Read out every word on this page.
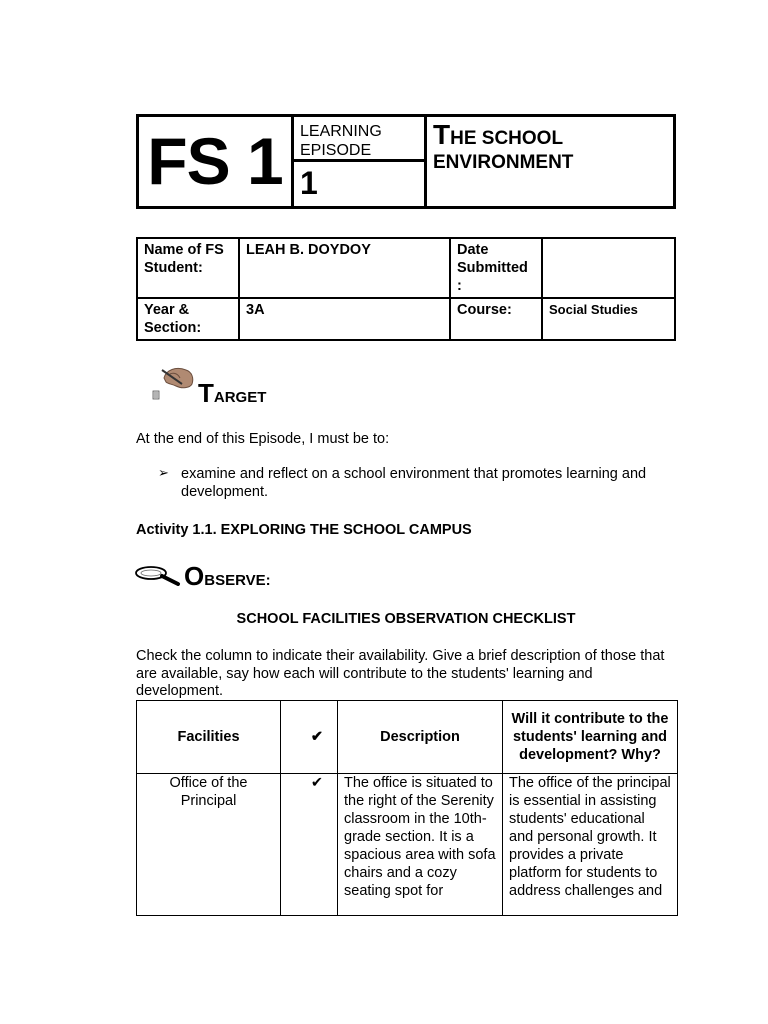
FS 1	LEARNING EPISODE
1
THE SCHOOL
ENVIRONMENT
Name of FS Student:	LEAH B. DOYDOY	Date Submitted :	
Year & Section:	3A	Course:	Social Studies
TARGET
At the end of this Episode, I must be to:
➢ examine and reflect on a school environment that promotes learning and development.
Activity 1.1. EXPLORING THE SCHOOL CAMPUS
OBSERVE:
SCHOOL FACILITIES OBSERVATION CHECKLIST
Check the column to indicate their availability. Give a brief description of those that are available, say how each will contribute to the students' learning and development.
Facilities	✔	Description	Will it contribute to the students' learning and development? Why?

Office of the Principal	✔	The office is situated to the right of the Serenity classroom in the 10th-grade section. It is a spacious area with sofa chairs and a cozy seating spot for	The office of the principal is essential in assisting students' educational and personal growth. It provides a private platform for students to address challenges and
